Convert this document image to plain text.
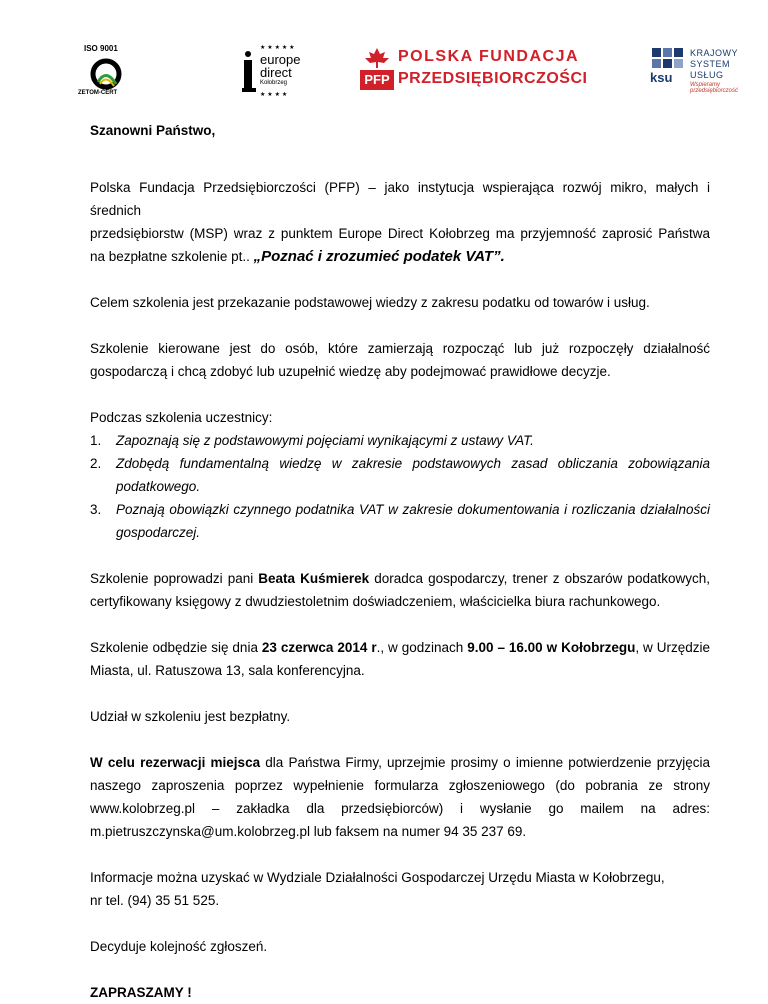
ISO 9001
ZETOM-CERT
★ ★ ★ ★ ★
★ ★ ★ ★
europe
direct
Kołobrzeg	PFP
POLSKA FUNDACJA
PRZEDSIĘBIORCZOŚCI	ksu
KRAJOWY
SYSTEM
USŁUG
Wspieramy przedsiębiorczość

Szanowni Państwo,

Polska Fundacja Przedsiębiorczości (PFP) – jako instytucja wspierająca rozwój mikro, małych i średnich

przedsiębiorstw (MSP) wraz z punktem Europe Direct Kołobrzeg ma przyjemność zaprosić Państwa

na bezpłatne szkolenie pt.. „Poznać i zrozumieć podatek VAT”.

Celem szkolenia jest przekazanie podstawowej wiedzy z zakresu podatku od towarów i usług.

Szkolenie kierowane jest do osób, które zamierzają rozpocząć lub już rozpoczęły działalność gospodarczą i chcą zdobyć lub uzupełnić wiedzę aby podejmować prawidłowe decyzje.

Podczas szkolenia uczestnicy:

1. Zapoznają się z podstawowymi pojęciami wynikającymi z ustawy VAT.
2. Zdobędą fundamentalną wiedzę w zakresie podstawowych zasad obliczania zobowiązania podatkowego.
3. Poznają obowiązki czynnego podatnika VAT w zakresie dokumentowania i rozliczania działalności gospodarczej.

Szkolenie poprowadzi pani Beata Kuśmierek doradca gospodarczy, trener z obszarów podatkowych, certyfikowany księgowy z dwudziestoletnim doświadczeniem, właścicielka biura rachunkowego.

Szkolenie odbędzie się dnia 23 czerwca 2014 r., w godzinach 9.00 – 16.00 w Kołobrzegu, w Urzędzie Miasta, ul. Ratuszowa 13, sala konferencyjna.

Udział w szkoleniu jest bezpłatny.

W celu rezerwacji miejsca dla Państwa Firmy, uprzejmie prosimy o imienne potwierdzenie przyjęcia naszego zaproszenia poprzez wypełnienie formularza zgłoszeniowego (do pobrania ze strony www.kolobrzeg.pl – zakładka dla przedsiębiorców) i wysłanie go mailem na adres: m.pietruszczynska@um.kolobrzeg.pl lub faksem na numer 94 35 237 69.

Informacje można uzyskać w Wydziale Działalności Gospodarczej Urzędu Miasta w Kołobrzegu,

nr tel. (94) 35 51 525.

Decyduje kolejność zgłoszeń.

ZAPRASZAMY !
